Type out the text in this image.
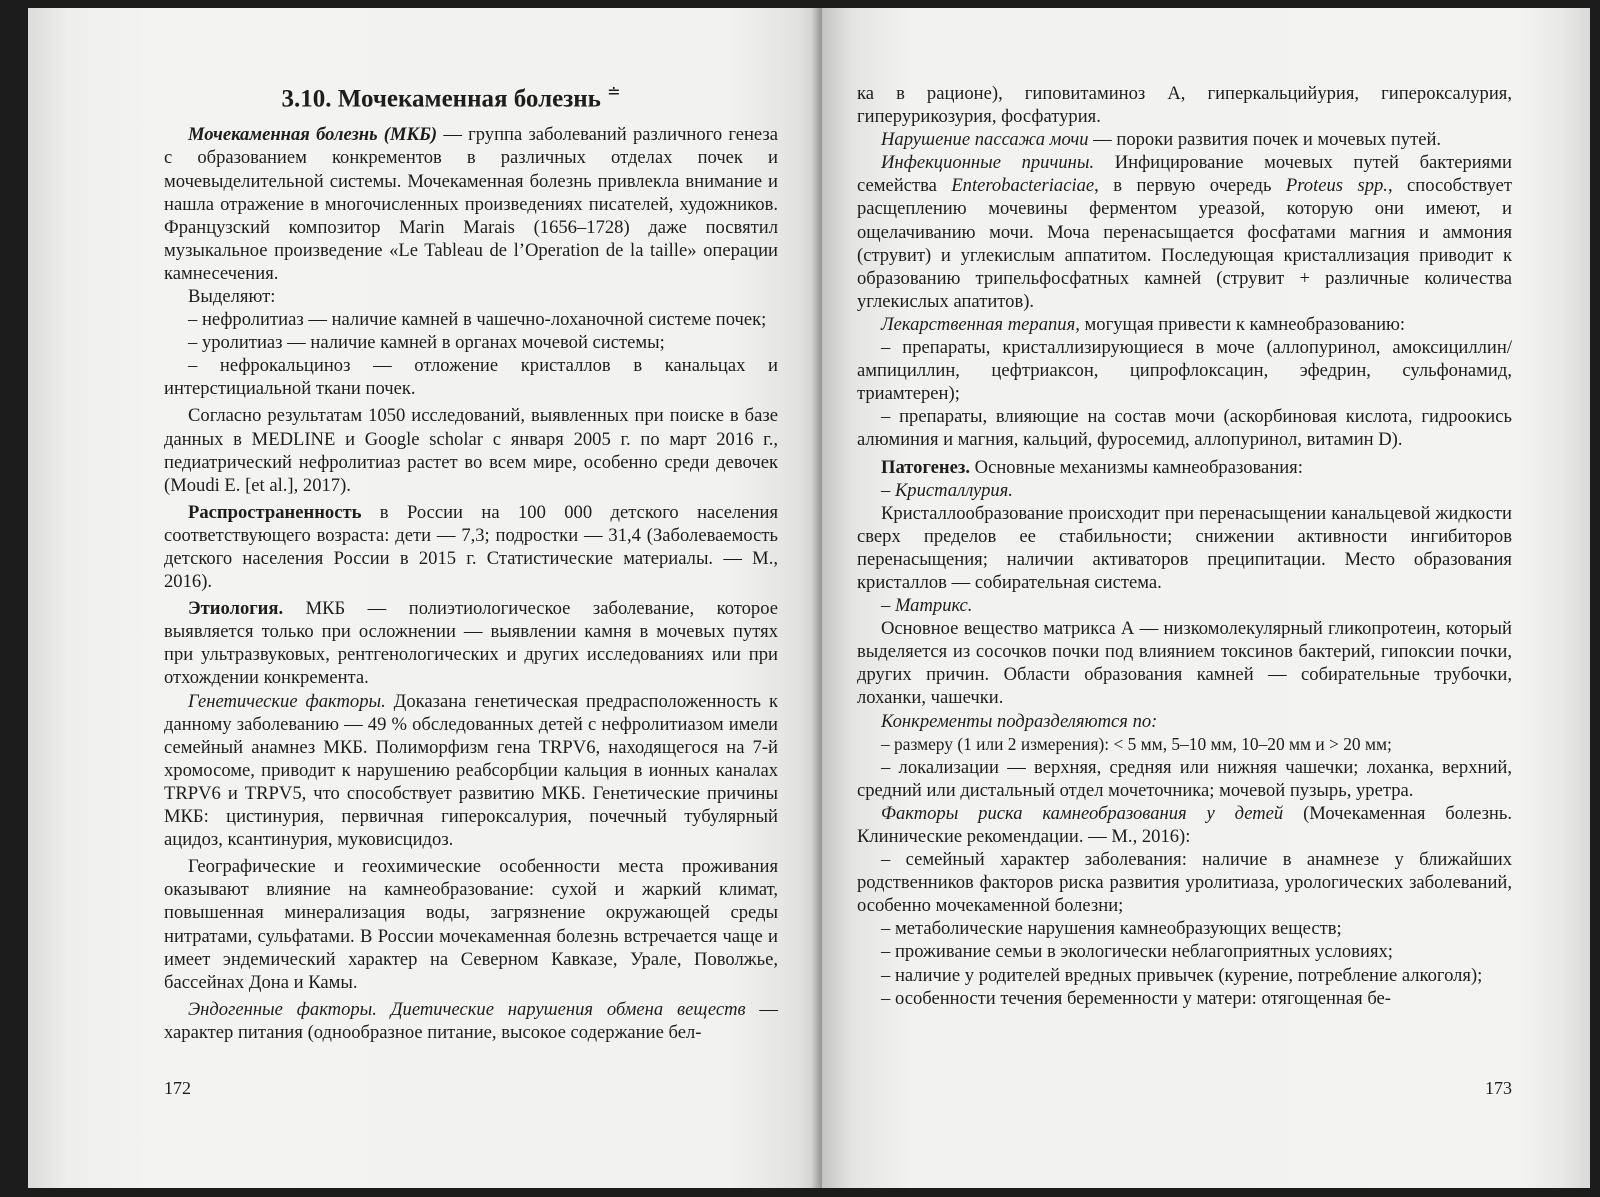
3.10. Мочекаменная болезнь ≐

Мочекаменная болезнь (МКБ) — группа заболеваний различного генеза с образованием конкрементов в различных отделах почек и мочевыделительной системы. Мочекаменная болезнь привлекла внимание и нашла отражение в многочисленных произведениях писателей, художников. Французский композитор Marin Marais (1656–1728) даже посвятил музыкальное произведение «Le Tableau de l’Operation de la taille» операции камнесечения.

Выделяют:

– нефролитиаз — наличие камней в чашечно-лоханочной системе почек;

– уролитиаз — наличие камней в органах мочевой системы;

– нефрокальциноз — отложение кристаллов в канальцах и интерстициальной ткани почек.

Согласно результатам 1050 исследований, выявленных при поиске в базе данных в MEDLINE и Google scholar с января 2005 г. по март 2016 г., педиатрический нефролитиаз растет во всем мире, особенно среди девочек (Moudi E. [et al.], 2017).

Распространенность в России на 100 000 детского населения соответствующего возраста: дети — 7,3; подростки — 31,4 (Заболеваемость детского населения России в 2015 г. Статистические материалы. — М., 2016).

Этиология. МКБ — полиэтиологическое заболевание, которое выявляется только при осложнении — выявлении камня в мочевых путях при ультразвуковых, рентгенологических и других исследованиях или при отхождении конкремента.

Генетические факторы. Доказана генетическая предрасположенность к данному заболеванию — 49 % обследованных детей с нефролитиазом имели семейный анамнез МКБ. Полиморфизм гена TRPV6, находящегося на 7-й хромосоме, приводит к нарушению реабсорбции кальция в ионных каналах TRPV6 и TRPV5, что способствует развитию МКБ. Генетические причины МКБ: цистинурия, первичная гипероксалурия, почечный тубулярный ацидоз, ксантинурия, муковисцидоз.

Географические и геохимические особенности места проживания оказывают влияние на камнеобразование: сухой и жаркий климат, повышенная минерализация воды, загрязнение окружающей среды нитратами, сульфатами. В России мочекаменная болезнь встречается чаще и имеет эндемический характер на Северном Кавказе, Урале, Поволжье, бассейнах Дона и Камы.

Эндогенные факторы. Диетические нарушения обмена веществ — характер питания (однообразное питание, высокое содержание бел-

172

ка в рационе), гиповитаминоз А, гиперкальцийурия, гипероксалурия, гиперурикозурия, фосфатурия.

Нарушение пассажа мочи — пороки развития почек и мочевых путей.

Инфекционные причины. Инфицирование мочевых путей бактериями семейства Enterobacteriaciae, в первую очередь Proteus spp., способствует расщеплению мочевины ферментом уреазой, которую они имеют, и ощелачиванию мочи. Моча перенасыщается фосфатами магния и аммония (струвит) и углекислым аппатитом. Последующая кристаллизация приводит к образованию трипельфосфатных камней (струвит + различные количества углекислых апатитов).

Лекарственная терапия, могущая привести к камнеобразованию:

– препараты, кристаллизирующиеся в моче (аллопуринол, амоксициллин/ампициллин, цефтриаксон, ципрофлоксацин, эфедрин, сульфонамид, триамтерен);

– препараты, влияющие на состав мочи (аскорбиновая кислота, гидроокись алюминия и магния, кальций, фуросемид, аллопуринол, витамин D).

Патогенез. Основные механизмы камнеобразования:

– Кристаллурия.

Кристаллообразование происходит при перенасыщении канальцевой жидкости сверх пределов ее стабильности; снижении активности ингибиторов перенасыщения; наличии активаторов преципитации. Место образования кристаллов — собирательная система.

– Матрикс.

Основное вещество матрикса А — низкомолекулярный гликопротеин, который выделяется из сосочков почки под влиянием токсинов бактерий, гипоксии почки, других причин. Области образования камней — собирательные трубочки, лоханки, чашечки.

Конкременты подразделяются по:

– размеру (1 или 2 измерения): < 5 мм, 5–10 мм, 10–20 мм и > 20 мм;

– локализации — верхняя, средняя или нижняя чашечки; лоханка, верхний, средний или дистальный отдел мочеточника; мочевой пузырь, уретра.

Факторы риска камнеобразования у детей (Мочекаменная болезнь. Клинические рекомендации. — М., 2016):

– семейный характер заболевания: наличие в анамнезе у ближайших родственников факторов риска развития уролитиаза, урологических заболеваний, особенно мочекаменной болезни;

– метаболические нарушения камнеобразующих веществ;

– проживание семьи в экологически неблагоприятных условиях;

– наличие у родителей вредных привычек (курение, потребление алкоголя);

– особенности течения беременности у матери: отягощенная бе-

173
